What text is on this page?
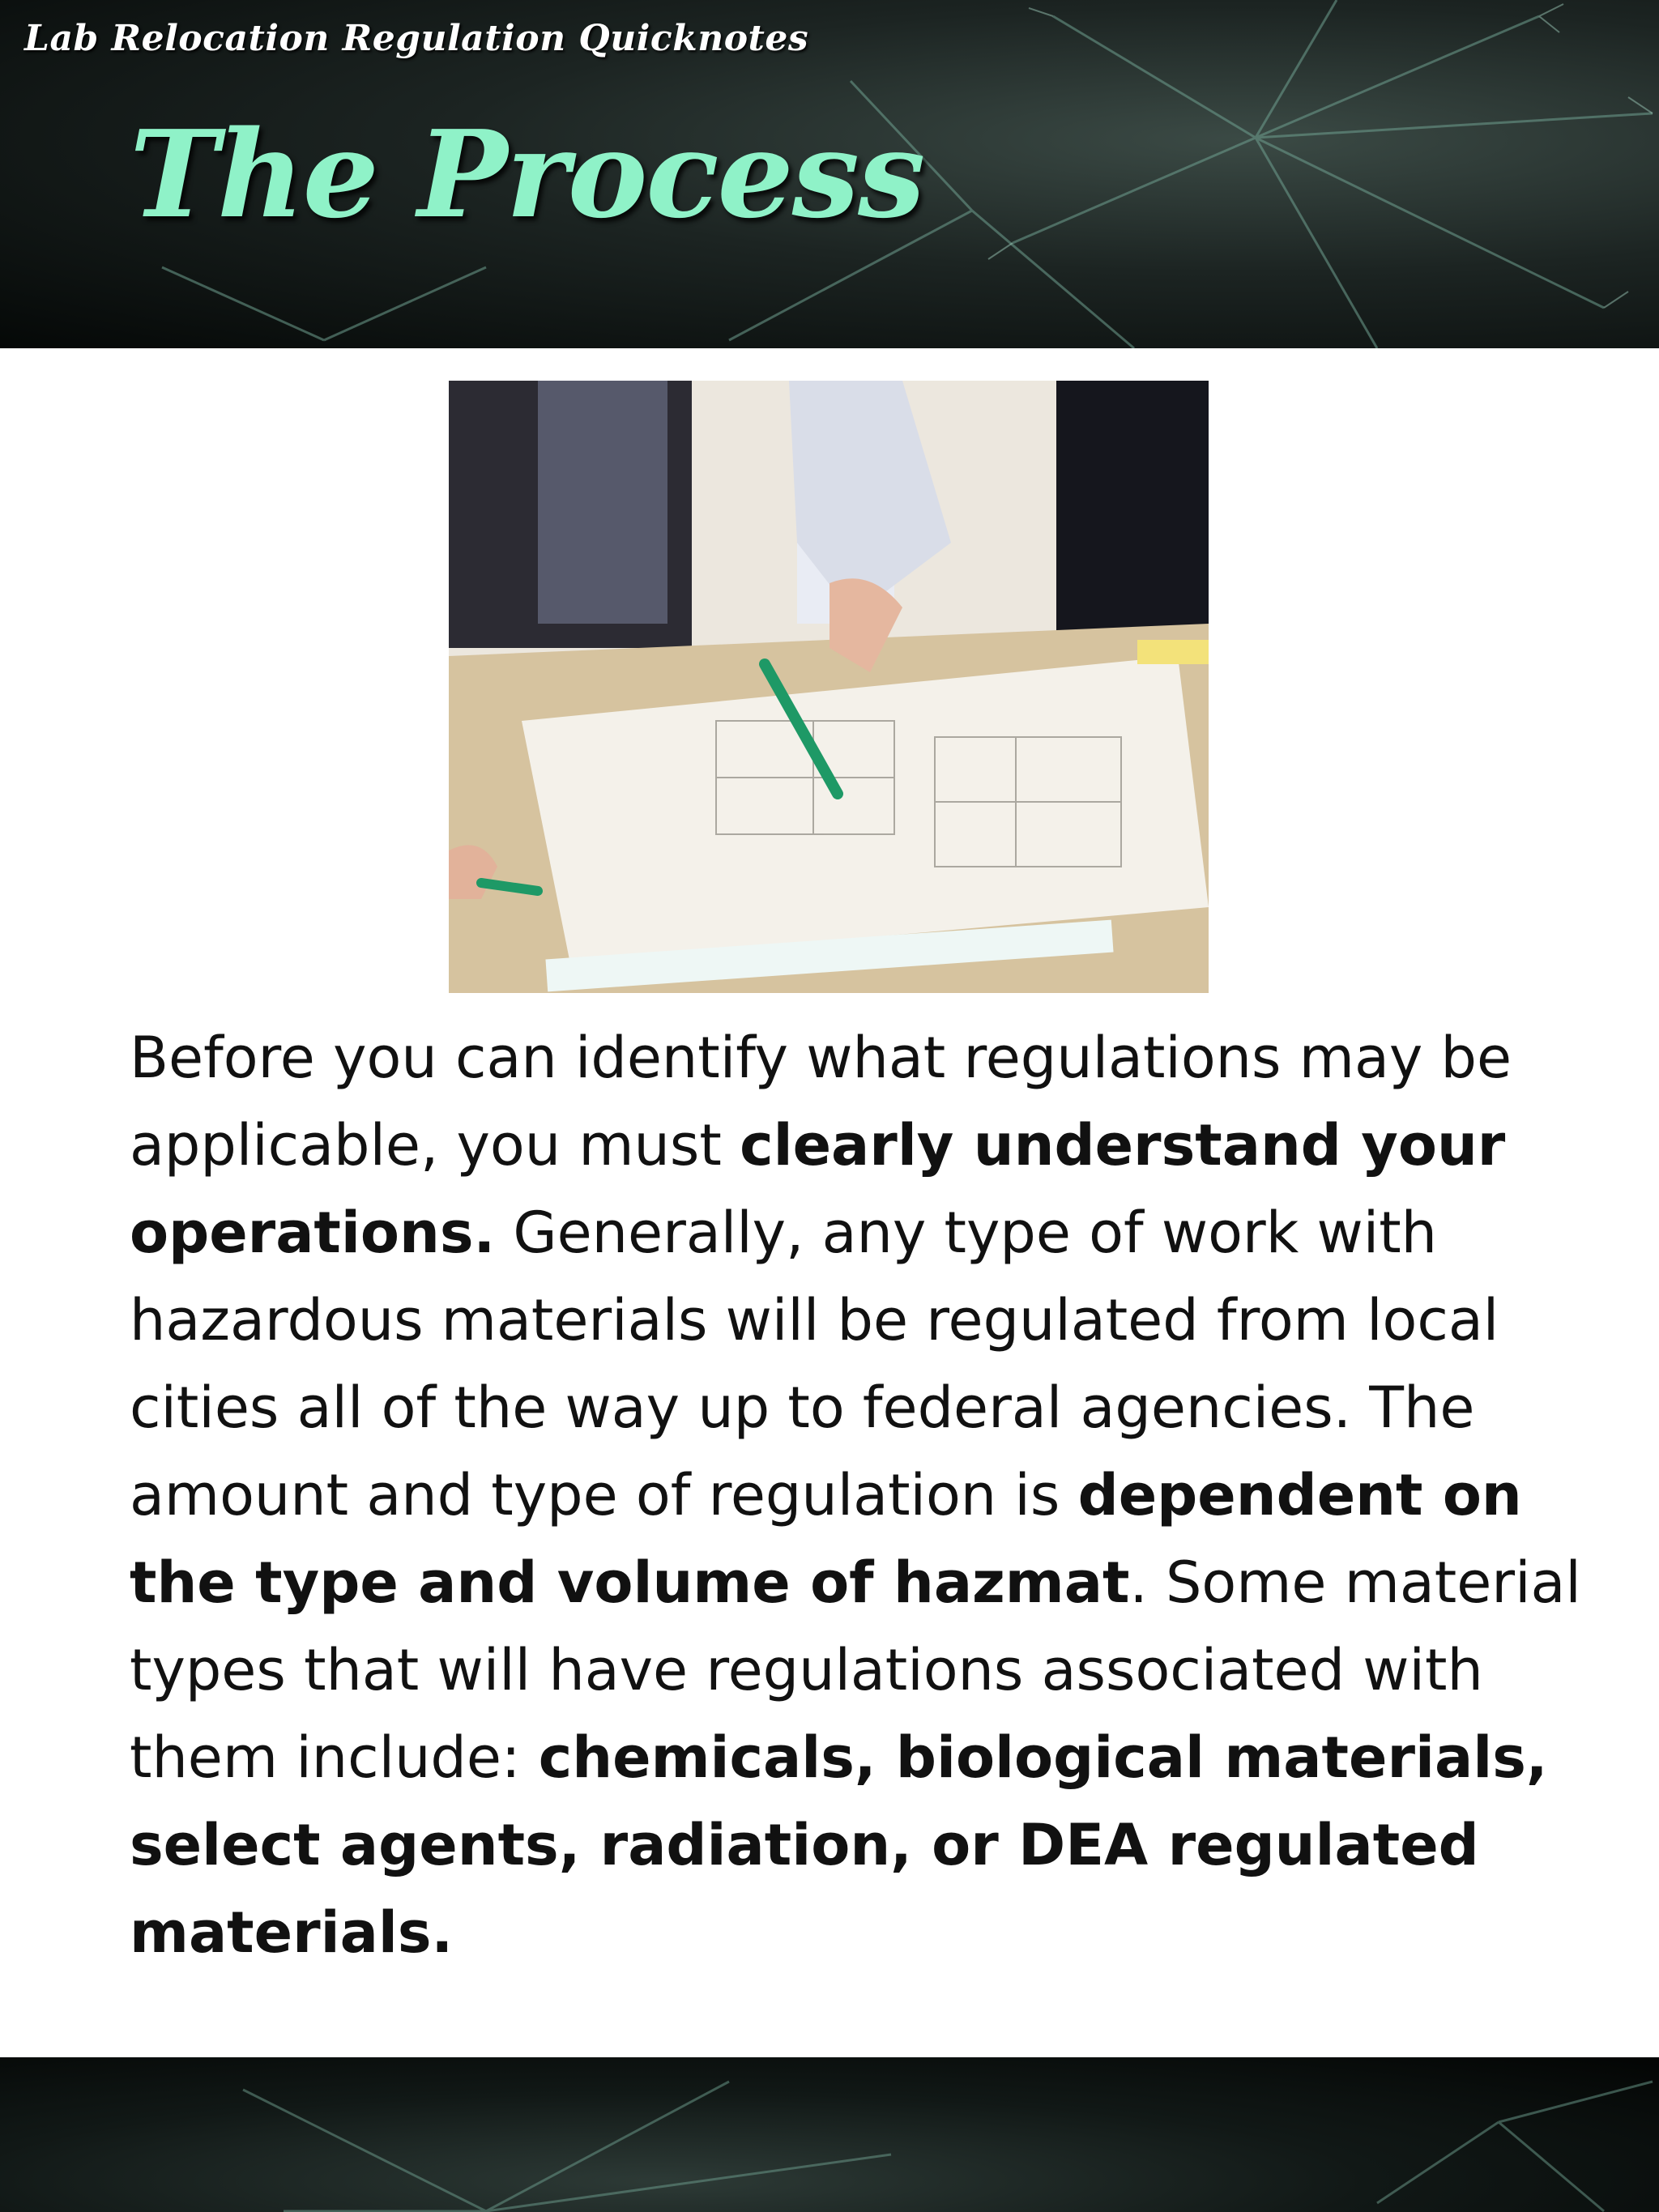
Lab Relocation Regulation Quicknotes
The Process

Before you can identify what regulations may be applicable, you must clearly understand your operations. Generally, any type of work with hazardous materials will be regulated from local cities all of the way up to federal agencies. The amount and type of regulation is dependent on the type and volume of hazmat. Some material types that will have regulations associated with them include: chemicals, biological materials, select agents, radiation, or DEA regulated materials.
